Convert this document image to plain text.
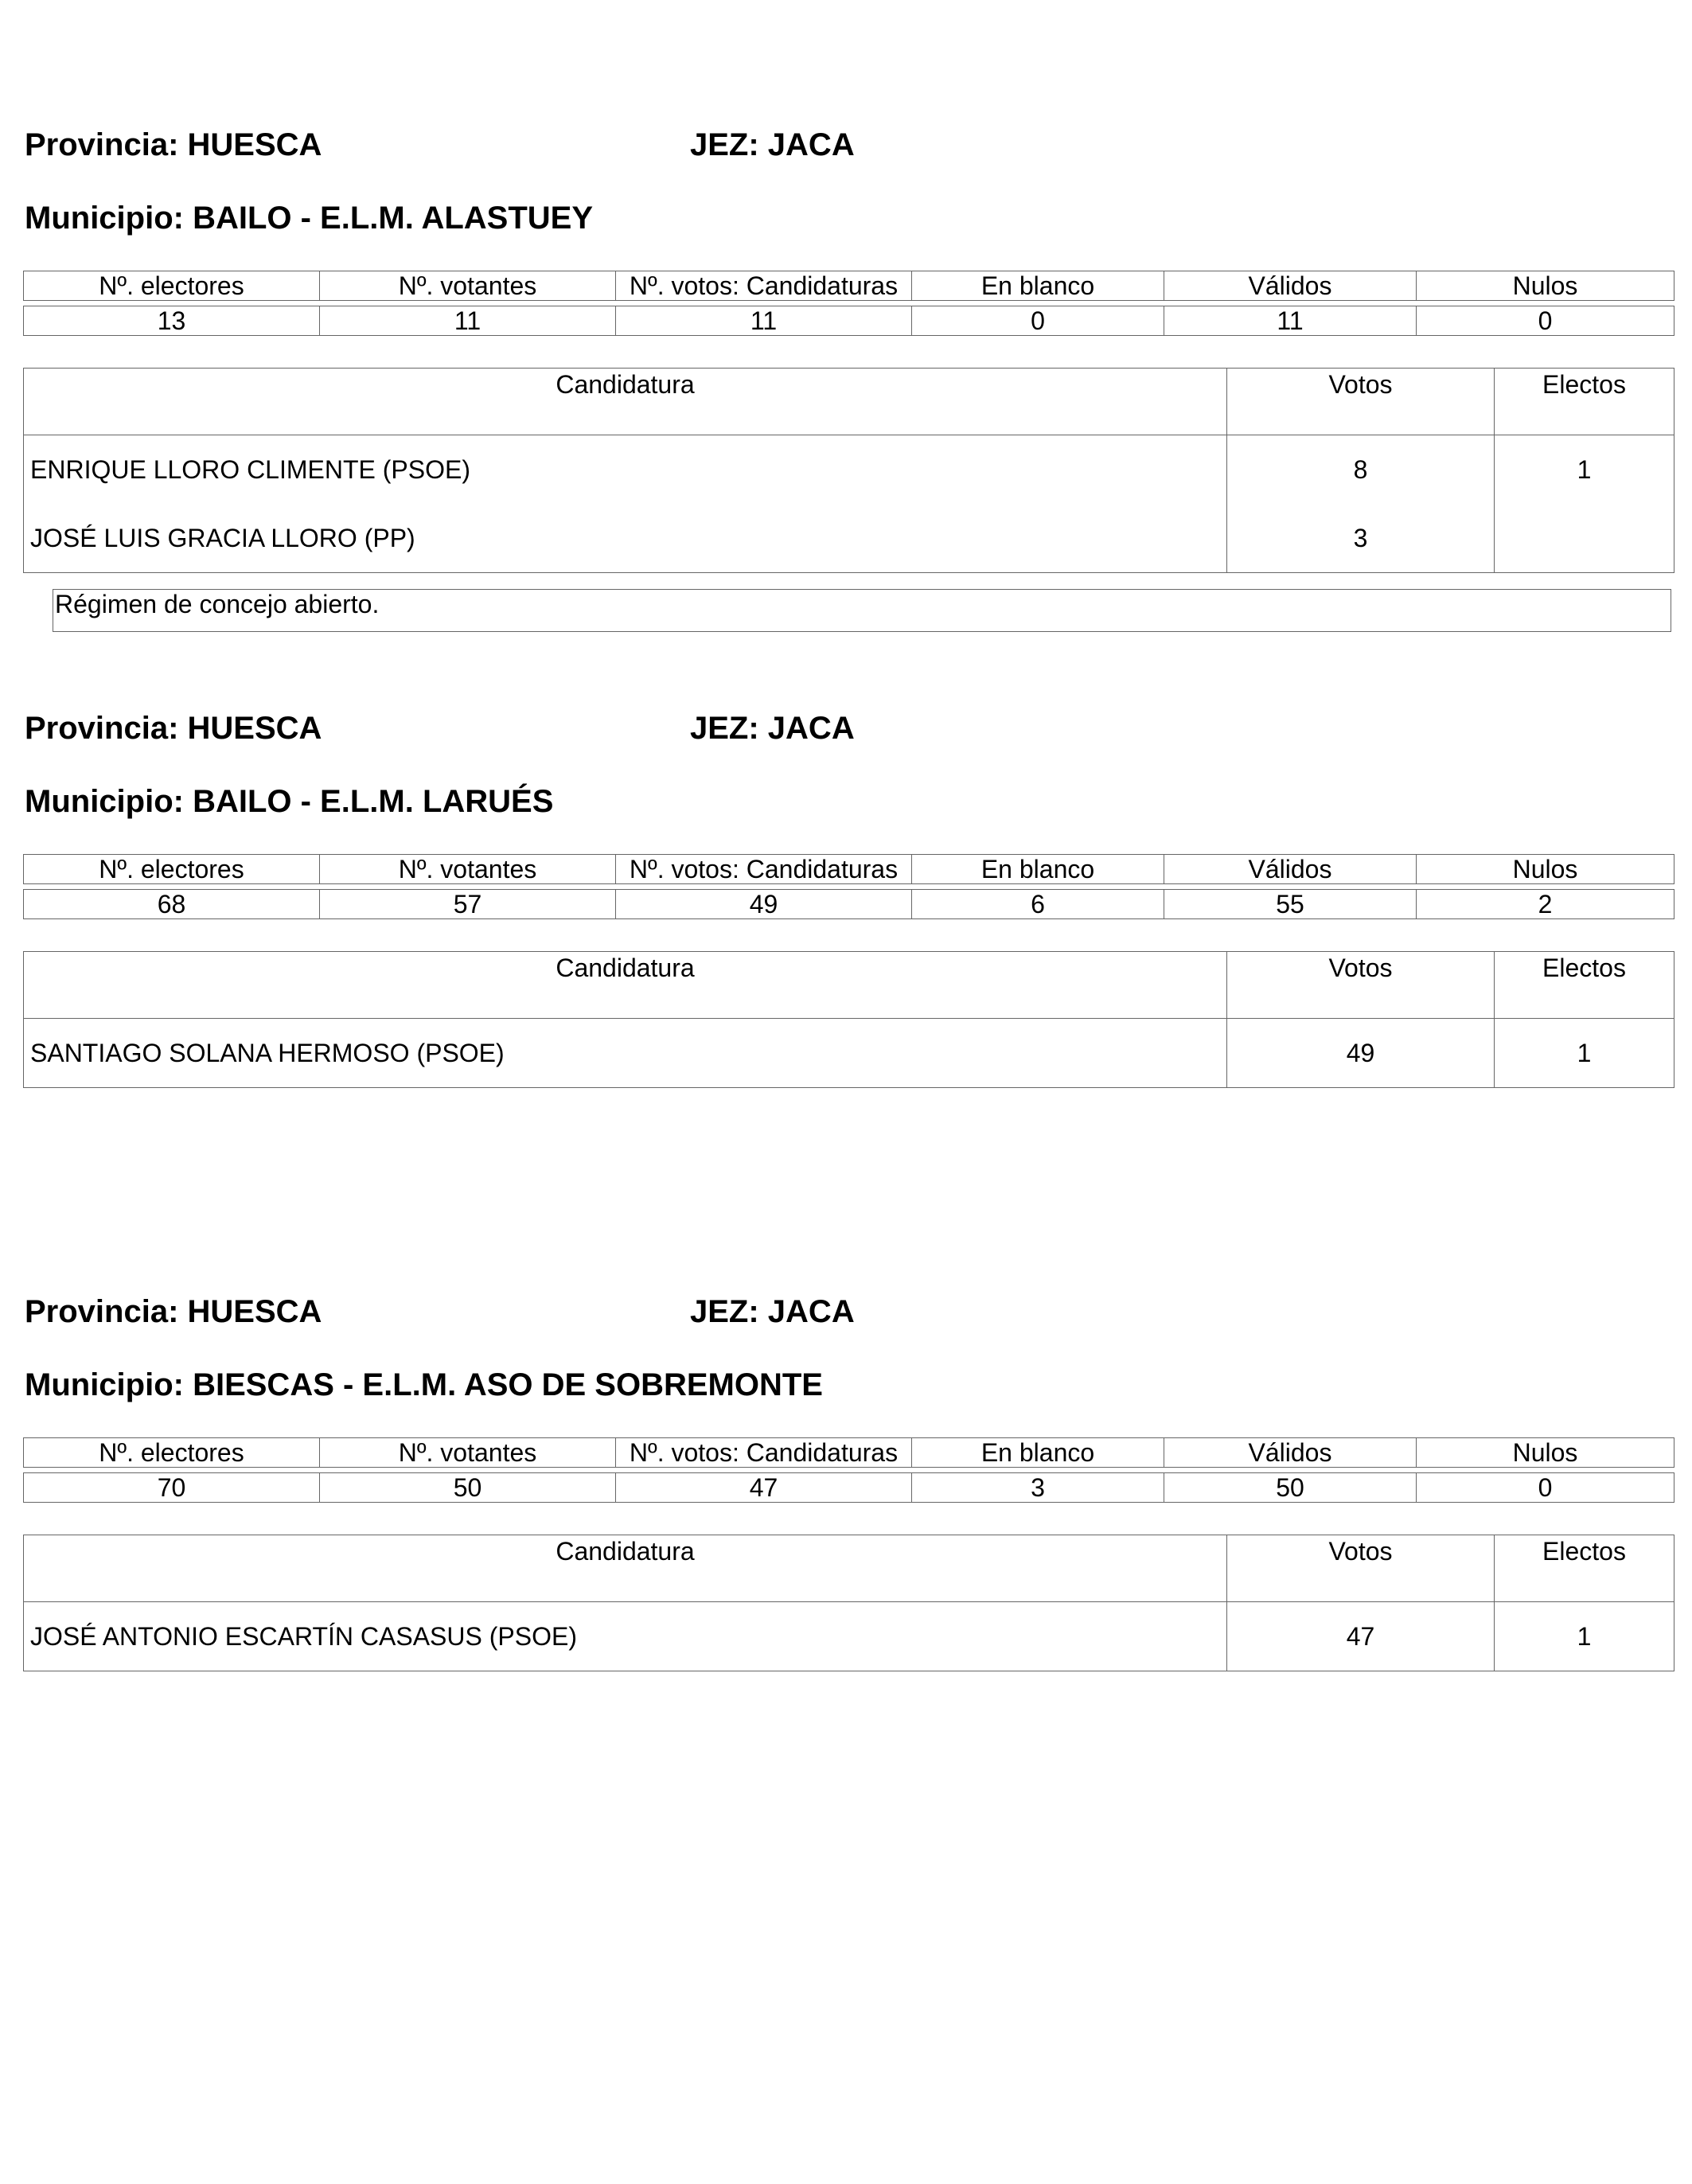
Provincia: HUESCA	JEZ: JACA
Municipio: BAILO - E.L.M. ALASTUEY
Nº. electores	Nº. votantes	Nº. votos: Candidaturas	En blanco	Válidos	Nulos

13	11	11	0	11	0
Candidatura	Votos	Electos
ENRIQUE LLORO CLIMENTE (PSOE)	8	1
JOSÉ LUIS GRACIA LLORO (PP)	3	
Régimen de concejo abierto.
Provincia: HUESCA	JEZ: JACA
Municipio: BAILO - E.L.M. LARUÉS
Nº. electores	Nº. votantes	Nº. votos: Candidaturas	En blanco	Válidos	Nulos

68	57	49	6	55	2
Candidatura	Votos	Electos
SANTIAGO SOLANA HERMOSO (PSOE)	49	1
Provincia: HUESCA	JEZ: JACA
Municipio: BIESCAS - E.L.M. ASO DE SOBREMONTE
Nº. electores	Nº. votantes	Nº. votos: Candidaturas	En blanco	Válidos	Nulos

70	50	47	3	50	0
Candidatura	Votos	Electos
JOSÉ ANTONIO ESCARTÍN CASASUS (PSOE)	47	1
